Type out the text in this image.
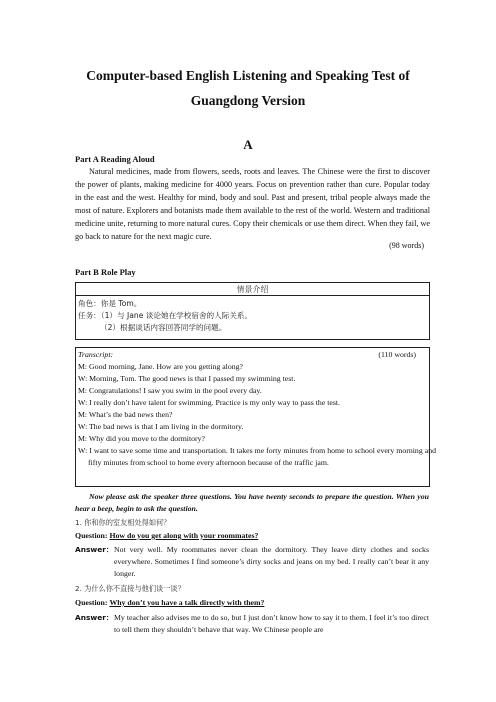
Computer-based English Listening and Speaking Test of
Guangdong Version
A
Part A Reading Aloud
Natural medicines, made from flowers, seeds, roots and leaves. The Chinese were the first to discover the power of plants, making medicine for 4000 years. Focus on prevention rather than cure. Popular today in the east and the west. Healthy for mind, body and soul. Past and present, tribal people always made the most of nature. Explorers and botanists made them available to the rest of the world. Western and traditional medicine unite, returning to more natural cures. Copy their chemicals or use them direct. When they fail, we go back to nature for the next magic cure.
(98 words)
Part B Role Play
情景介绍
角色：你是 Tom。
任务：（1）与 Jane 谈论她在学校宿舍的人际关系。
（2）根据谈话内容回答同学的问题。
Transcript:	(110 words)
M: Good morning, Jane. How are you getting along?
W: Morning, Tom. The good news is that I passed my swimming test.
M: Congratulations! I saw you swim in the pool every day.
W: I really don’t have talent for swimming. Practice is my only way to pass the test.
M: What’s the bad news then?
W: The bad news is that I am living in the dormitory.
M: Why did you move to the dormitory?
W: I want to save some time and transportation. It takes me forty minutes from home to school every morning and fifty minutes from school to home every afternoon because of the traffic jam.
Now please ask the speaker three questions. You have twenty seconds to prepare the question. When you hear a beep, begin to ask the question.
1. 你和你的室友相处得如何？
Question: How do you get along with your roommates?
Answer： Not very well. My roommates never clean the dormitory. They leave dirty clothes and socks everywhere. Sometimes I find someone’s dirty socks and jeans on my bed. I really can’t bear it any longer.
2. 为什么你不直接与他们谈一谈？
Question: Why don’t you have a talk directly with them?
Answer： My teacher also advises me to do so, but I just don’t know how to say it to them. I feel it’s too direct to tell them they shouldn’t behave that way. We Chinese people are
